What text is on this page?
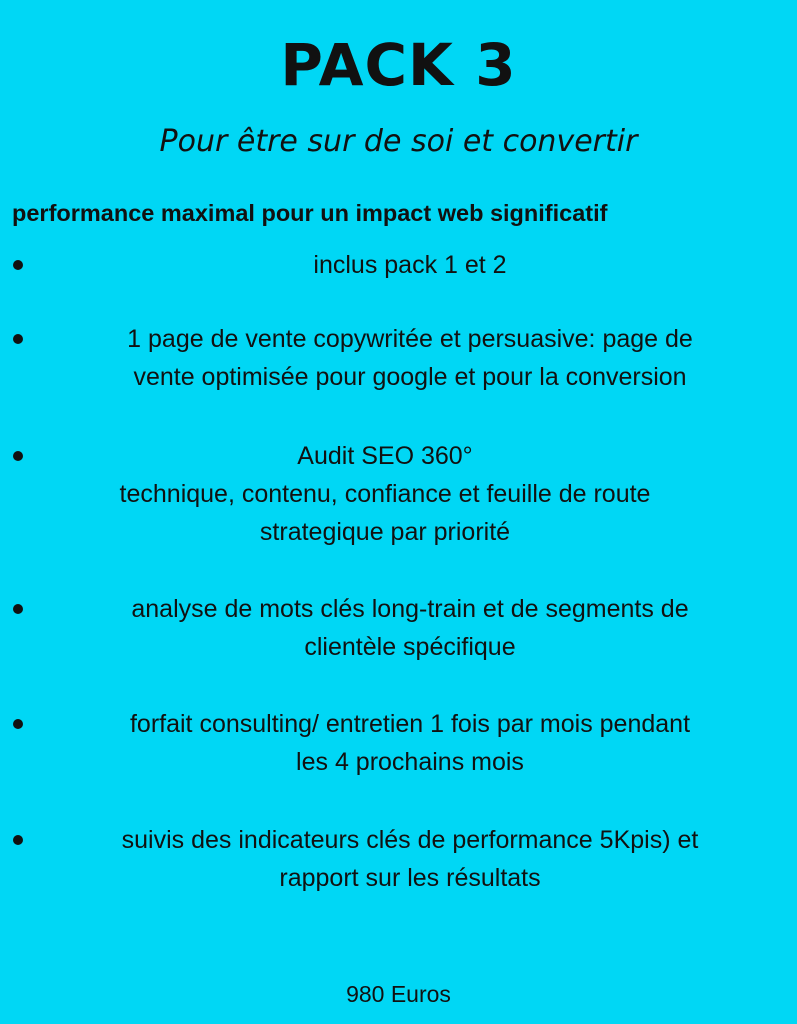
PACK 3

Pour être sur de soi et convertir

performance maximal pour un impact web significatif

inclus pack 1 et 2
1 page de vente copywritée et persuasive: page de
vente optimisée pour google et pour la conversion
Audit SEO 360°
technique, contenu, confiance et feuille de route
strategique par priorité
analyse de mots clés long-train et de segments de
clientèle spécifique
forfait consulting/ entretien 1 fois par mois pendant
les 4 prochains mois
suivis des indicateurs clés de performance 5Kpis) et
rapport sur les résultats

980 Euros
